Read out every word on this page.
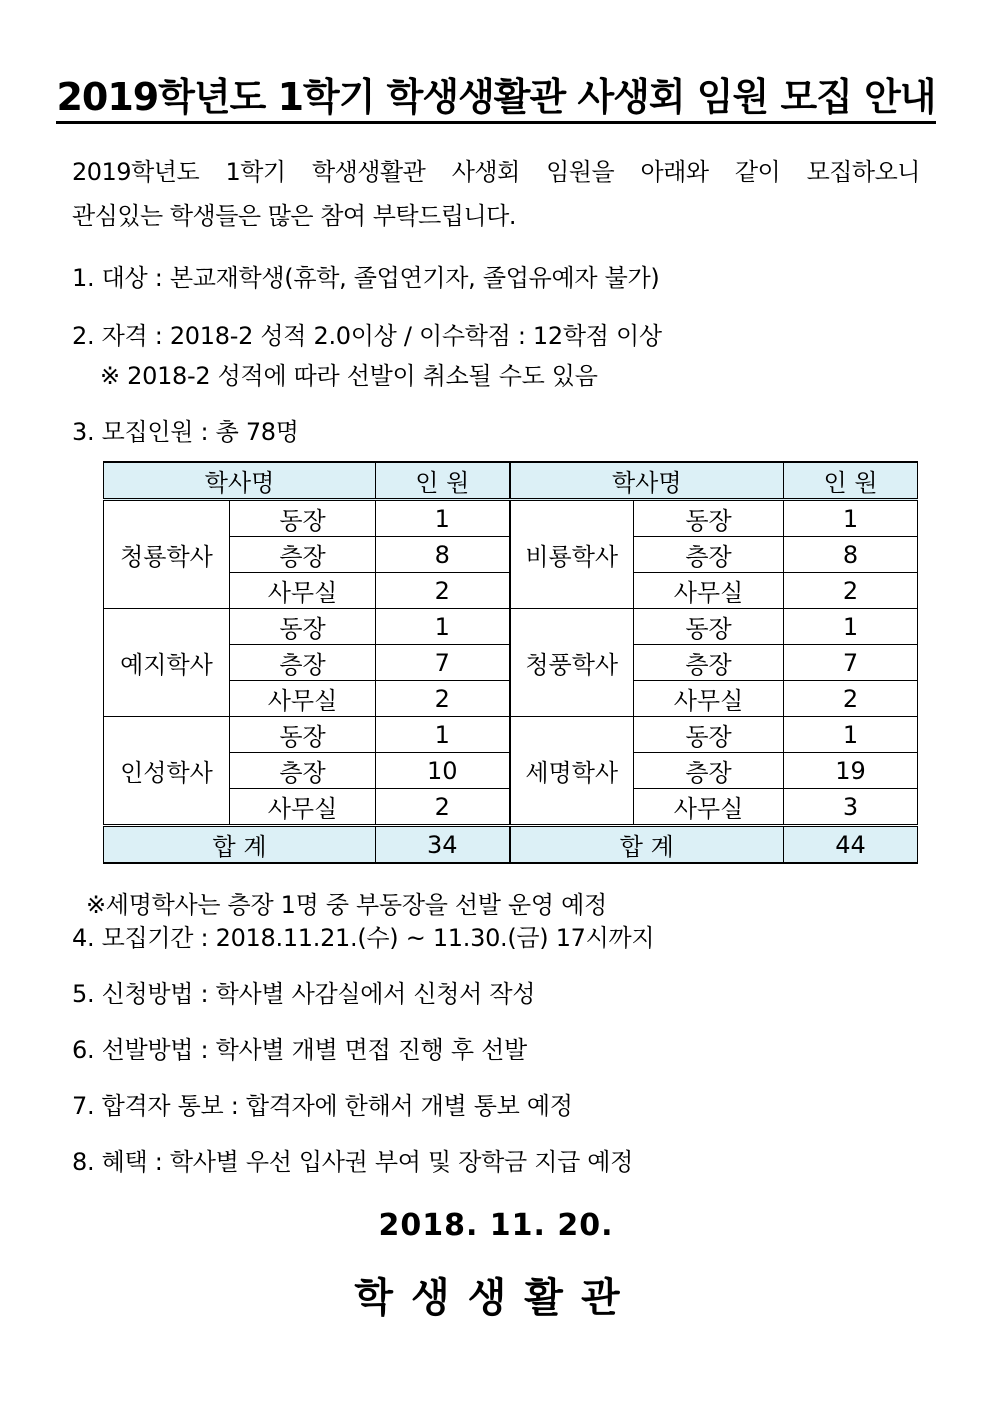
2019학년도 1학기 학생생활관 사생회 임원 모집 안내
2019학년도 1학기 학생생활관 사생회 임원을 아래와 같이 모집하오니
관심있는 학생들은 많은 참여 부탁드립니다.
1. 대상 : 본교재학생(휴학, 졸업연기자, 졸업유예자 불가)
2. 자격 : 2018-2 성적 2.0이상 / 이수학점 : 12학점 이상
※ 2018-2 성적에 따라 선발이 취소될 수도 있음
3. 모집인원 : 총 78명
학사명		인 원	학사명		인 원
청룡학사	동장	1	비룡학사	동장	1
	층장	8		층장	8
	사무실	2		사무실	2
예지학사	동장	1	청풍학사	동장	1
	층장	7		층장	7
	사무실	2		사무실	2
인성학사	동장	1	세명학사	동장	1
	층장	10		층장	19
	사무실	2		사무실	3
합 계		34	합 계		44
※세명학사는 층장 1명 중 부동장을 선발 운영 예정
4. 모집기간 : 2018.11.21.(수) ~ 11.30.(금) 17시까지
5. 신청방법 : 학사별 사감실에서 신청서 작성
6. 선발방법 : 학사별 개별 면접 진행 후 선발
7. 합격자 통보 : 합격자에 한해서 개별 통보 예정
8. 혜택 : 학사별 우선 입사권 부여 및 장학금 지급 예정
2018. 11. 20.
학생생활관
